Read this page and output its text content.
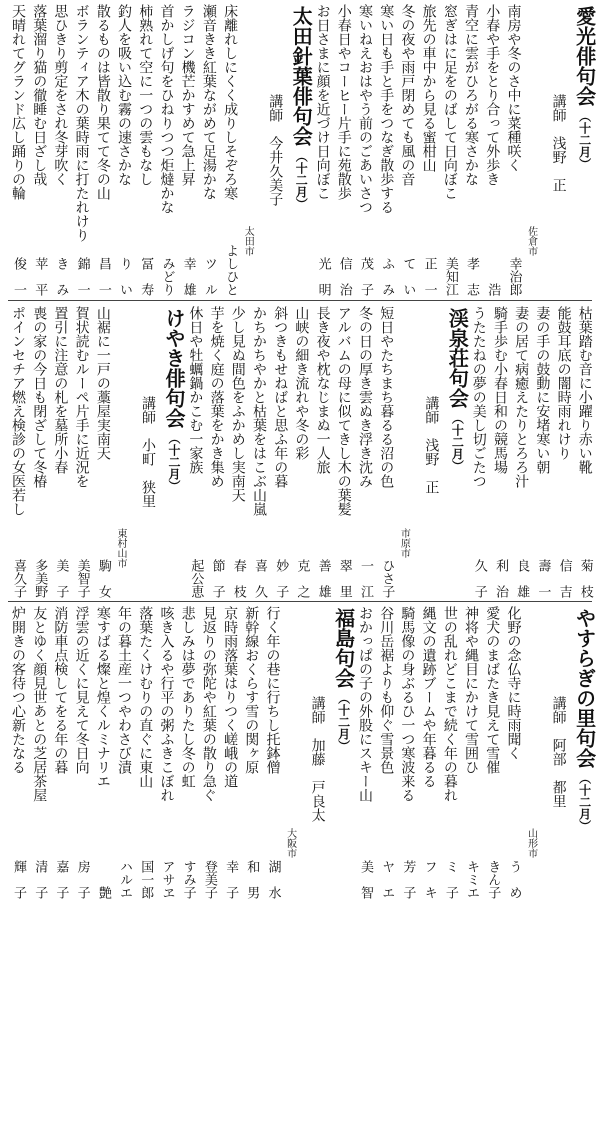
愛光俳句会（十二月）
講師　浅野　正
佐倉市
南房や冬のさ中に菜種咲く
幸治郎
小春や手をとり合って外歩き
浩
青空に雲がひろがる寒さかな
孝　志
窓ぎはに足をのばして日向ぼこ
美知江
旅先の車中から見る蜜柑山
正　一
冬の夜や雨戸閉めても風の音
て　い
寒い日も手と手をつなぎ散歩する
ふ　み
寒いねえおはやう前のごあいさつ
茂　子
小春日やコーヒー片手に苑散歩
信　治
お日さまに顔を近づけ日向ぼこ
光　明
太田針葉俳句会（十二月）
講師　今井久美子
太田市
床離れしにくく成りしそぞろ寒
よしひと
瀬音きき紅葉ながめて足湯かな
ツ　ル
ラジコン機芒かすめて急上昇
幸　雄
首かしげ句をひねりつつ炬燵かな
みどり
柿熟れて空に一つの雲もなし
冨　寿
釣人を吸い込む霧の速さかな
り　い
散るものは皆散り果てて冬の山
昌　一
ボランティア木の葉時雨に打たれけり
錦　一
思ひきり剪定をされ冬芽吹く
き　み
落葉溜り猫の徹睡む日ざし哉
苹　平
天晴れてグランド広し踊りの輪
俊　一
枯葉踏む音に小躍り赤い靴
菊　枝
能鼓耳底の闇時雨れけり
信　吉
妻の手の鼓動に安堵寒い朝
壽　一
妻の居て病癒えたりとろろ汁
良　雄
騎手歩む小春日和の競馬場
利　治
うたたねの夢の美し切ごたつ
久　子
渓泉荘句会（十二月）
講師　浅野　正
市原市
短日やたちまち暮るる沼の色
ひさ子
冬の日の厚き雲ぬき浮き沈み
一　江
アルバムの母に似てきし木の葉髪
翠　里
長き夜や枕なじまぬ一人旅
善　雄
山峡の細き流れや冬の彩
克　之
斜つきもせねばと思ふ年の暮
妙　子
かちかちやかと枯葉をはこぶ山嵐
喜　久
少し見ぬ間色をふかめし実南天
春　枝
芋を焼く庭の落葉をかき集め
節　子
休日や牡蠣鍋かこむ一家族
起公恵
けやき俳句会（十二月）
講師　小町　狭里
東村山市
山裾に一戸の藁屋実南天
駒　女
賀状読むルーペ片手に近況を
美智子
置引に注意の札を墓所小春
美　子
喪の家の今日も閉ざして冬椿
多美野
ポインセチア燃え検診の女医若し
喜久子
やすらぎの里句会（十二月）
講師　阿部　都里
山形市
化野の念仏寺に時雨聞く
う　め
愛犬のまばたき見えて雪催
きん子
神将や縄目にかけて雪囲ひ
キミエ
世の乱れどこまで続く年の暮れ
ミ　子
縄文の遺跡ブームや年暮るる
フ　キ
騎馬像の身ぶるひ一つ寒波来る
芳　子
谷川岳裾よりも仰ぐ雪景色
ヤ　エ
おかっぱの子の外股にスキー山
美　智
福島句会（十二月）
講師　加藤　戸良太
大阪市
行く年の巷に行ちし托鉢僧
湖　水
新幹線おくらす雪の関ヶ原
和　男
京時雨落葉はりつく嵯峨の道
幸　子
見返りの弥陀や紅葉の散り急ぐ
登美子
悲しみは夢でありたし冬の虹
すみ子
咳き入るや行平の粥ふきこぼれ
アサヱ
落葉たくけむりの直ぐに東山
国一郎
年の暮土産一つやわさび漬
ハルエ
寒すばる燦と煌くルミナリエ
艶
浮雲の近くに見えて冬日向
房　子
消防車点検してをる年の暮
嘉　子
友とゆく顔見世あとの芝居茶屋
清　子
炉開きの客待つ心新たなる
輝　子
